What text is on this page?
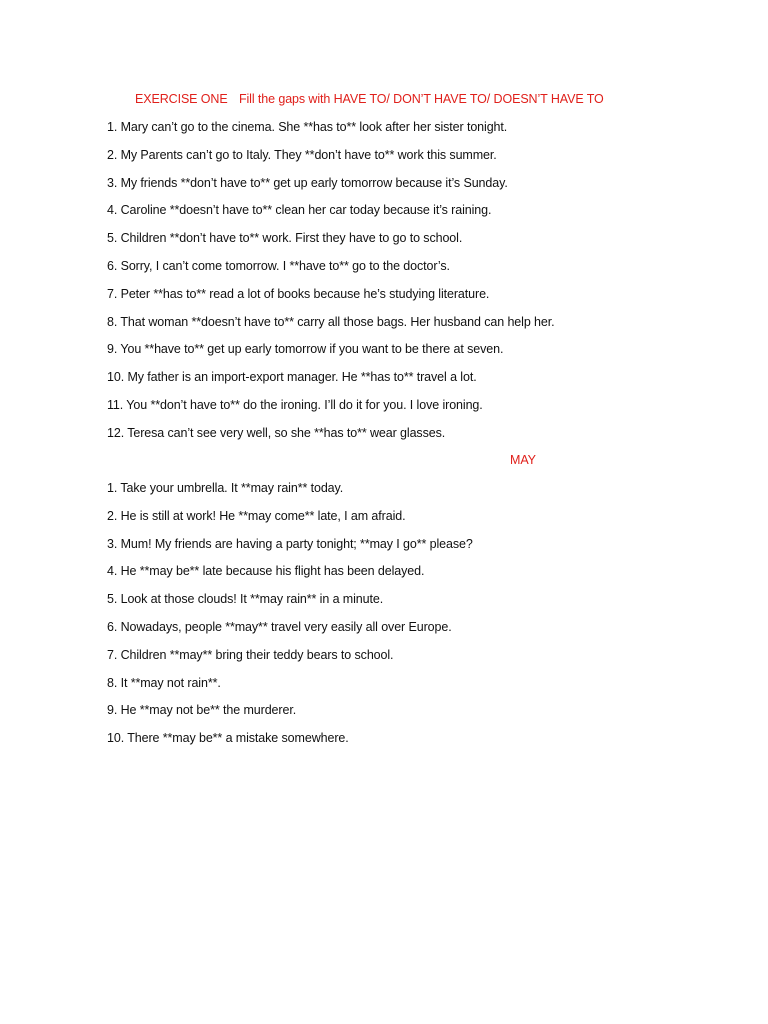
EXERCISE ONE Fill the gaps with HAVE TO/ DON’T HAVE TO/ DOESN’T HAVE TO
1. Mary can’t go to the cinema. She **has to** look after her sister tonight.
2. My Parents can’t go to Italy. They **don’t have to** work this summer.
3. My friends **don’t have to** get up early tomorrow because it’s Sunday.
4. Caroline **doesn’t have to** clean her car today because it’s raining.
5. Children **don’t have to** work. First they have to go to school.
6. Sorry, I can’t come tomorrow. I **have to** go to the doctor’s.
7. Peter **has to** read a lot of books because he’s studying literature.
8. That woman **doesn’t have to** carry all those bags. Her husband can help her.
9. You **have to** get up early tomorrow if you want to be there at seven.
10. My father is an import-export manager. He **has to** travel a lot.
11. You **don’t have to** do the ironing. I’ll do it for you. I love ironing.
12. Teresa can’t see very well, so she **has to** wear glasses.
MAY
1. Take your umbrella. It **may rain** today.
2. He is still at work! He **may come** late, I am afraid.
3. Mum! My friends are having a party tonight; **may I go** please?
4. He **may be** late because his flight has been delayed.
5. Look at those clouds! It **may rain** in a minute.
6. Nowadays, people **may** travel very easily all over Europe.
7. Children **may** bring their teddy bears to school.
8. It **may not rain**.
9. He **may not be** the murderer.
10. There **may be** a mistake somewhere.
